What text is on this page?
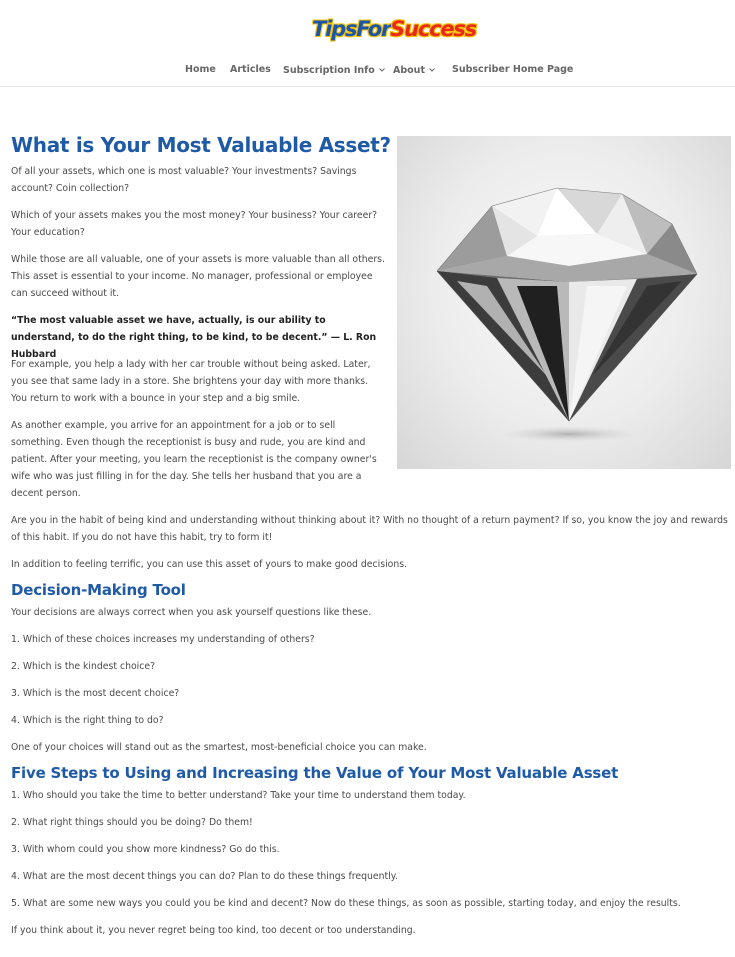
TipsForSuccess
Home Articles Subscription Info	About	Subscriber Home Page
What is Your Most Valuable Asset?

Of all your assets, which one is most valuable? Your investments? Savings account? Coin collection?

Which of your assets makes you the most money? Your business? Your career? Your education?

While those are all valuable, one of your assets is more valuable than all others. This asset is essential to your income. No manager, professional or employee can succeed without it.

“The most valuable asset we have, actually, is our ability to understand, to do the right thing, to be kind, to be decent.” — L. Ron Hubbard

For example, you help a lady with her car trouble without being asked. Later, you see that same lady in a store. She brightens your day with more thanks. You return to work with a bounce in your step and a big smile.

As another example, you arrive for an appointment for a job or to sell something. Even though the receptionist is busy and rude, you are kind and patient. After your meeting, you learn the receptionist is the company owner's wife who was just filling in for the day. She tells her husband that you are a decent person.

Are you in the habit of being kind and understanding without thinking about it? With no thought of a return payment? If so, you know the joy and rewards of this habit. If you do not have this habit, try to form it!

In addition to feeling terrific, you can use this asset of yours to make good decisions.

Decision-Making Tool

Your decisions are always correct when you ask yourself questions like these.

1. Which of these choices increases my understanding of others?

2. Which is the kindest choice?

3. Which is the most decent choice?

4. Which is the right thing to do?

One of your choices will stand out as the smartest, most-beneficial choice you can make.

Five Steps to Using and Increasing the Value of Your Most Valuable Asset

1. Who should you take the time to better understand? Take your time to understand them today.

2. What right things should you be doing? Do them!

3. With whom could you show more kindness? Go do this.

4. What are the most decent things you can do? Plan to do these things frequently.

5. What are some new ways you could you be kind and decent? Now do these things, as soon as possible, starting today, and enjoy the results.

If you think about it, you never regret being too kind, too decent or too understanding.
